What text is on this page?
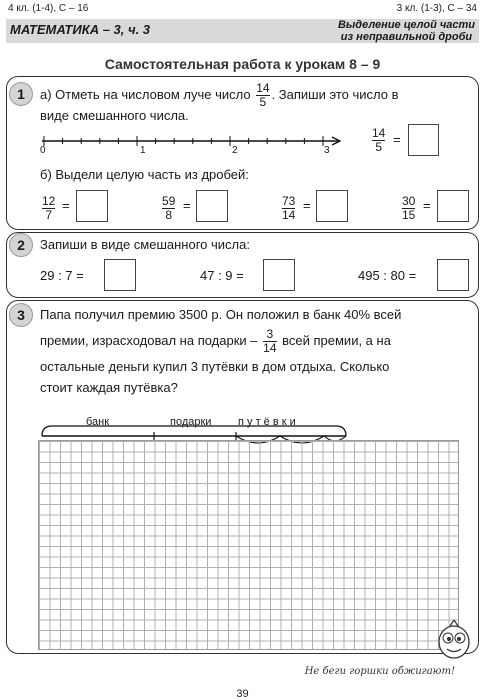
4 кл. (1-4), С – 16	3 кл. (1-3), С – 34
МАТЕМАТИКА – 3, ч. 3	Выделение целой части
из неправильной дроби
Самостоятельная работа к урокам 8 – 9
1	а) Отметь на числовом луче число $\frac{14}{5}$ . Запиши это число в
виде смешанного числа.
0	1	2	3	$\frac{14}{5}$ =
б) Выдели целую часть из дробей:
$\frac{12}{7}$ =	$\frac{59}{8}$ =	$\frac{73}{14}$ =	$\frac{30}{15}$ =
2	Запиши в виде смешанного числа:
29 : 7 =	47 : 9 =	495 : 80 =
3	Папа получил премию 3500 р. Он положил в банк 40% всей
премии, израсходовал на подарки – $\frac{3}{14}$ всей премии, а на
остальные деньги купил 3 путёвки в дом отдыха. Сколько
стоит каждая путёвка?
банк	подарки п у т ё в к и
Не беги горшки обжигают!
39
